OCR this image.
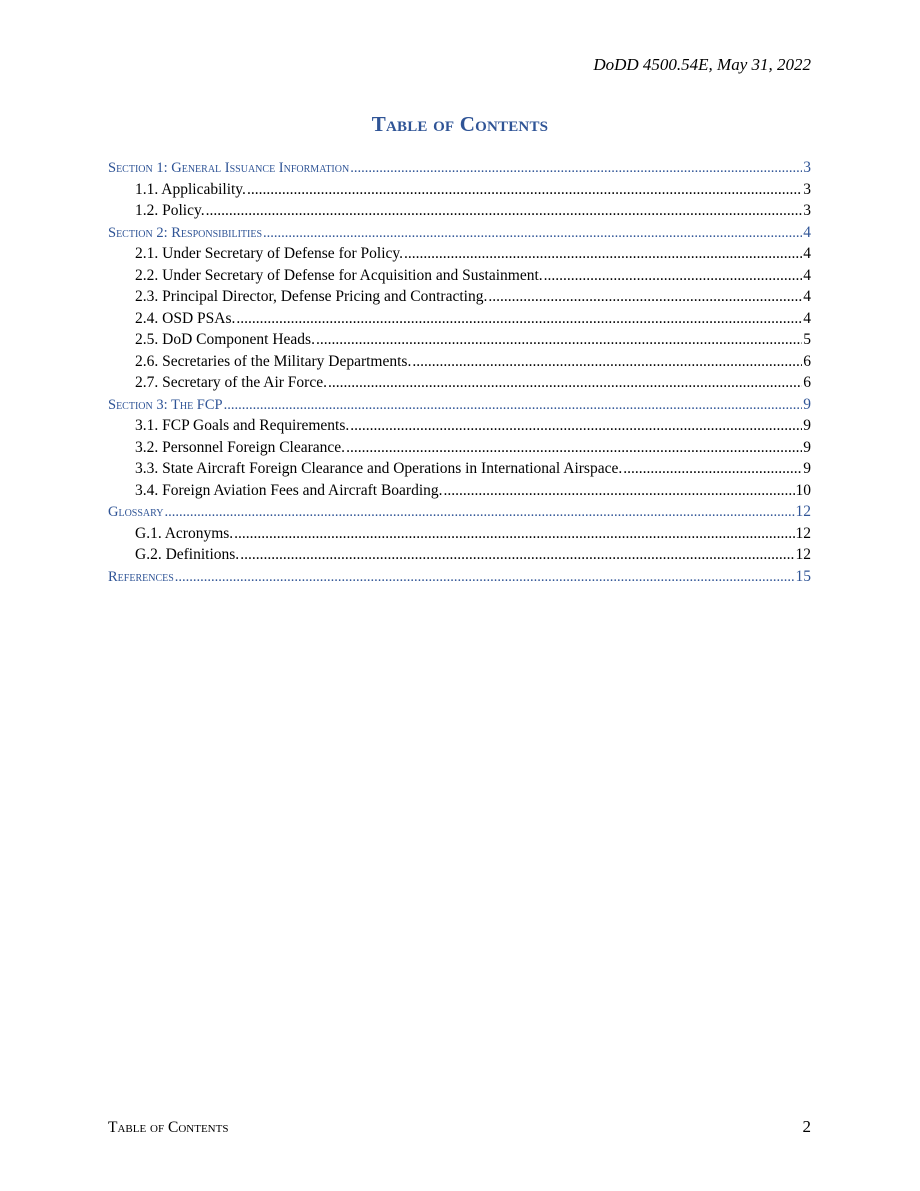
DoDD 4500.54E, May 31, 2022
Table of Contents
Section 1: General Issuance Information .....	3
1.1. Applicability. .....	3
1.2. Policy. .....	3
Section 2: Responsibilities .....	4
2.1. Under Secretary of Defense for Policy. .....	4
2.2. Under Secretary of Defense for Acquisition and Sustainment. .....	4
2.3. Principal Director, Defense Pricing and Contracting. .....	4
2.4. OSD PSAs. .....	4
2.5. DoD Component Heads. .....	5
2.6. Secretaries of the Military Departments. .....	6
2.7. Secretary of the Air Force. .....	6
Section 3: The FCP .....	9
3.1. FCP Goals and Requirements. .....	9
3.2. Personnel Foreign Clearance. .....	9
3.3. State Aircraft Foreign Clearance and Operations in International Airspace. .....	9
3.4. Foreign Aviation Fees and Aircraft Boarding. .....	10
Glossary .....	12
G.1. Acronyms. .....	12
G.2. Definitions. .....	12
References .....	15
Table of Contents	2
